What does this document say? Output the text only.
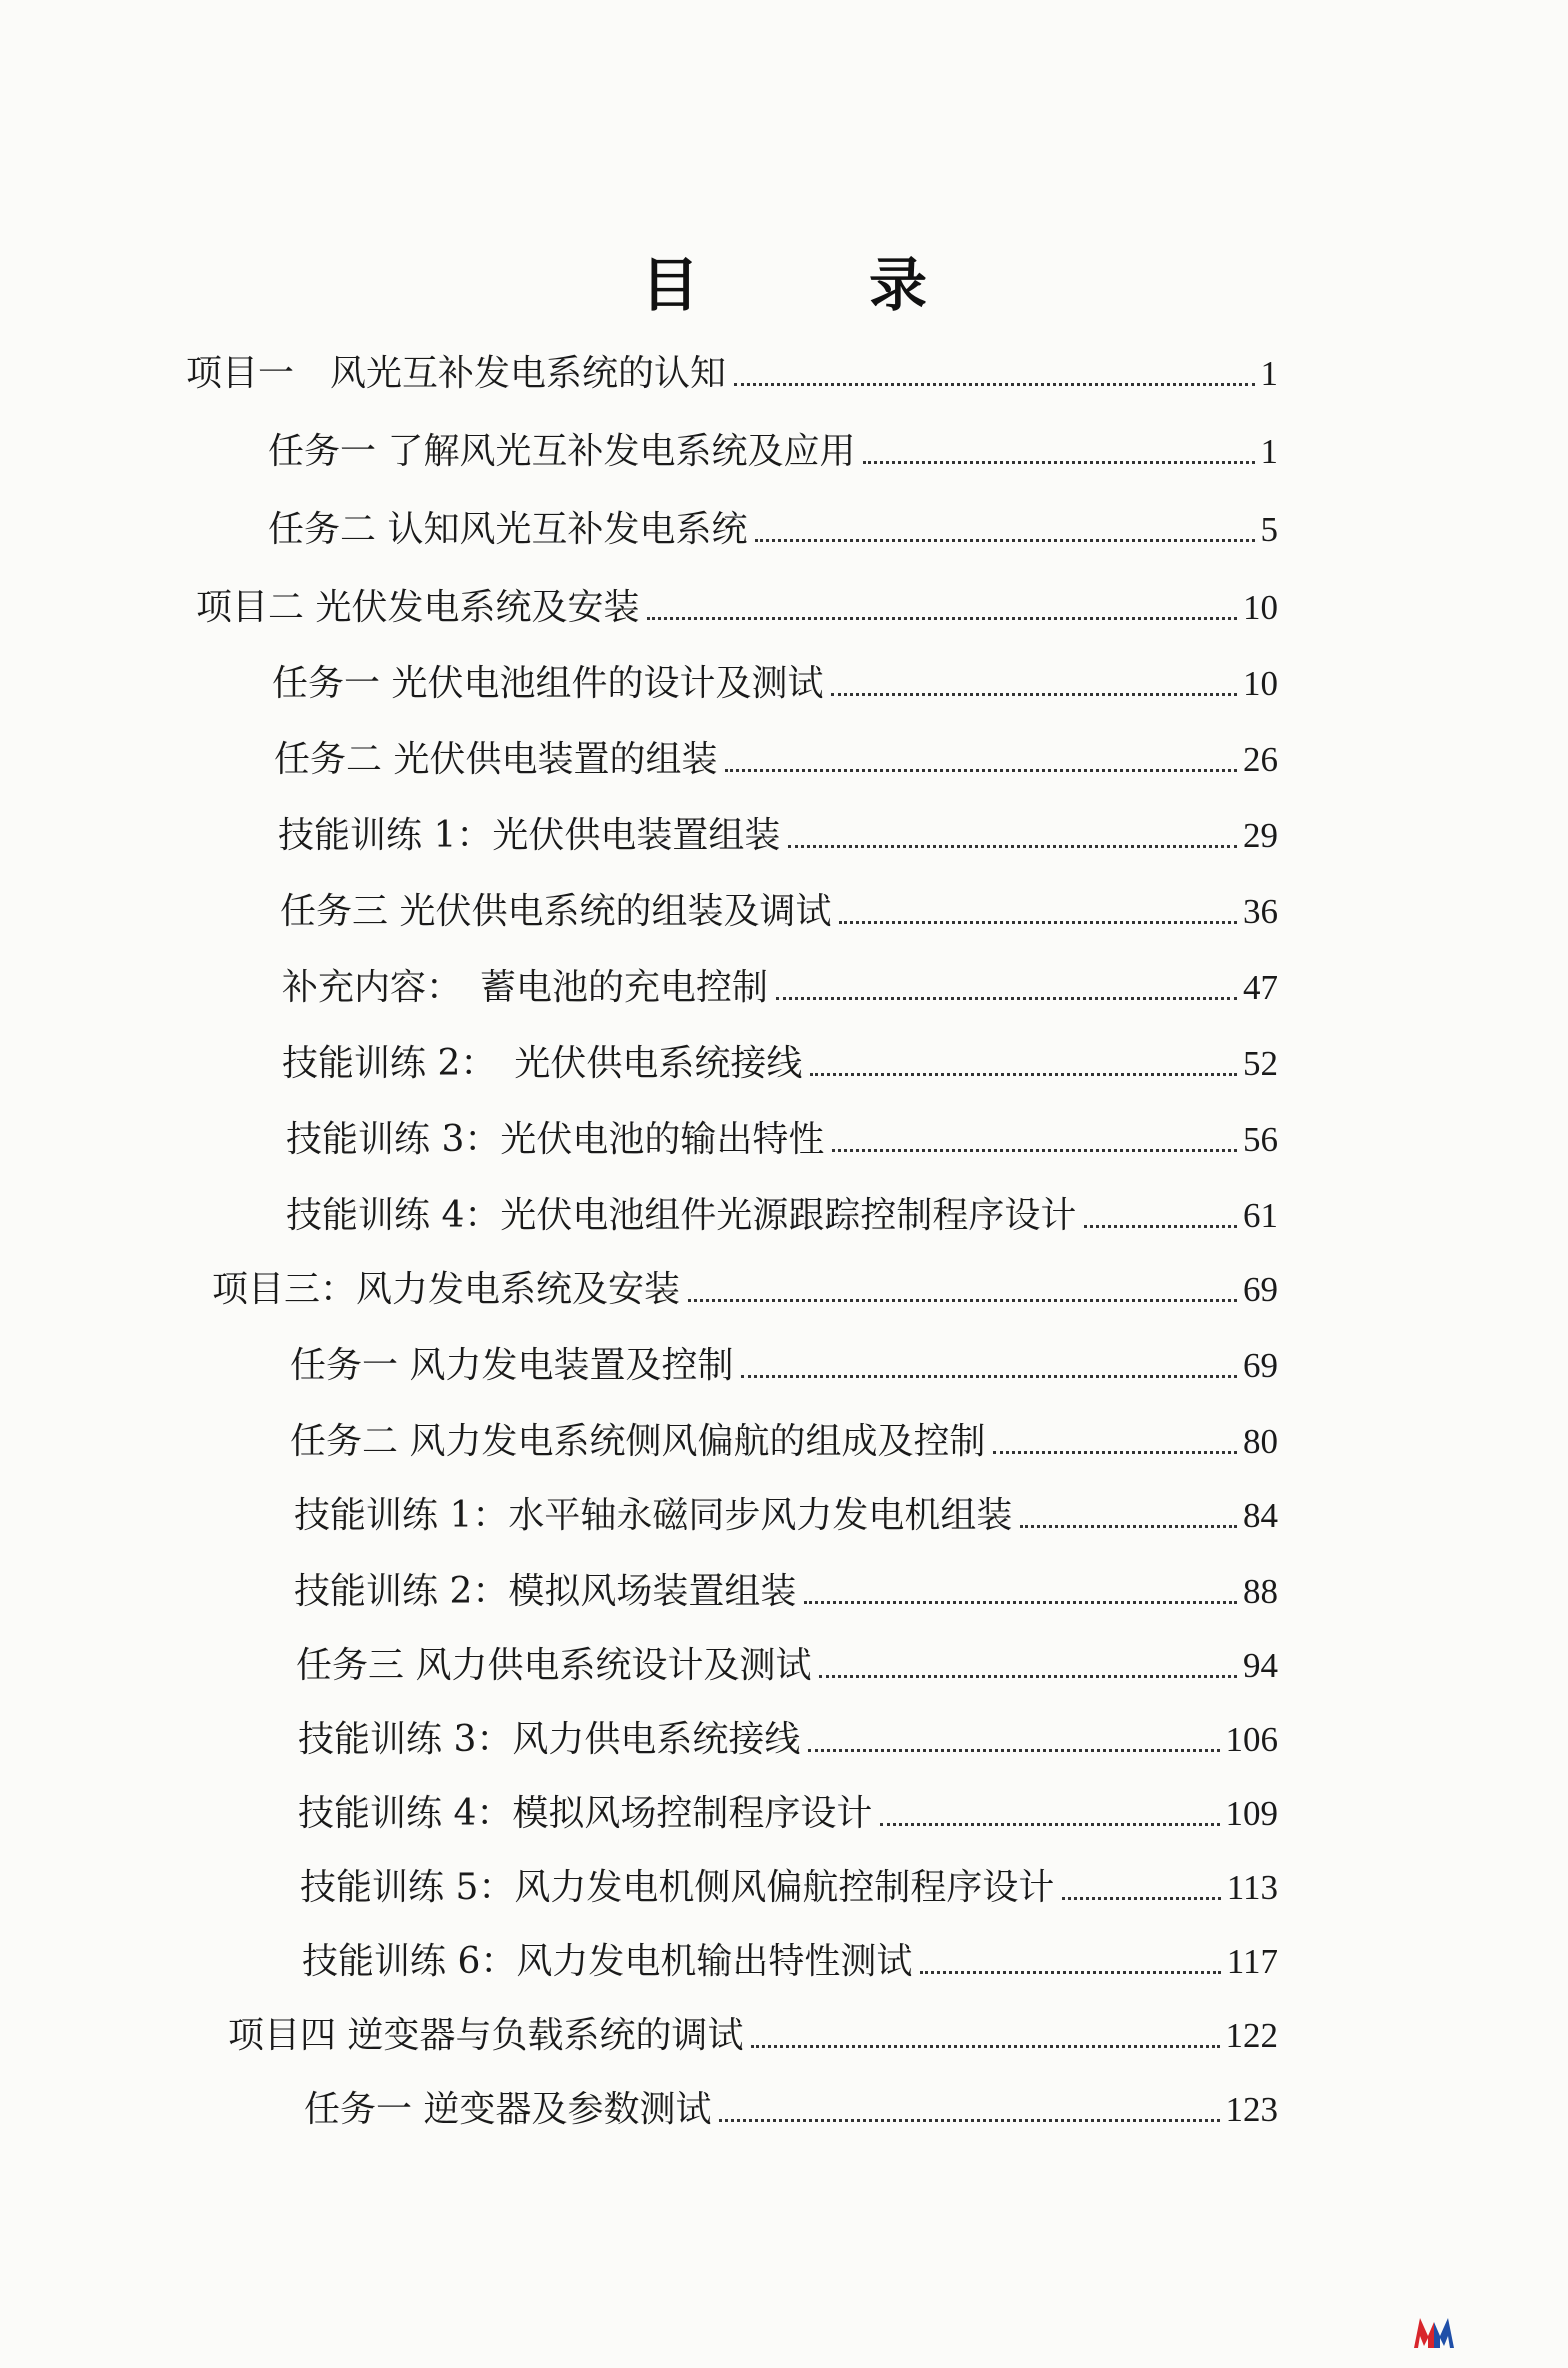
目　录
项目一　风光互补发电系统的认知	1
任务一 了解风光互补发电系统及应用	1
任务二 认知风光互补发电系统	5
项目二 光伏发电系统及安装	10
任务一 光伏电池组件的设计及测试	10
任务二 光伏供电装置的组装	26
技能训练 1：光伏供电装置组装	29
任务三 光伏供电系统的组装及调试	36
补充内容：　蓄电池的充电控制	47
技能训练 2：　光伏供电系统接线	52
技能训练 3：光伏电池的输出特性	56
技能训练 4：光伏电池组件光源跟踪控制程序设计	61
项目三：风力发电系统及安装	69
任务一 风力发电装置及控制	69
任务二 风力发电系统侧风偏航的组成及控制	80
技能训练 1：水平轴永磁同步风力发电机组装	84
技能训练 2：模拟风场装置组装	88
任务三 风力供电系统设计及测试	94
技能训练 3：风力供电系统接线	106
技能训练 4：模拟风场控制程序设计	109
技能训练 5：风力发电机侧风偏航控制程序设计	113
技能训练 6：风力发电机输出特性测试	117
项目四 逆变器与负载系统的调试	122
任务一 逆变器及参数测试	123
